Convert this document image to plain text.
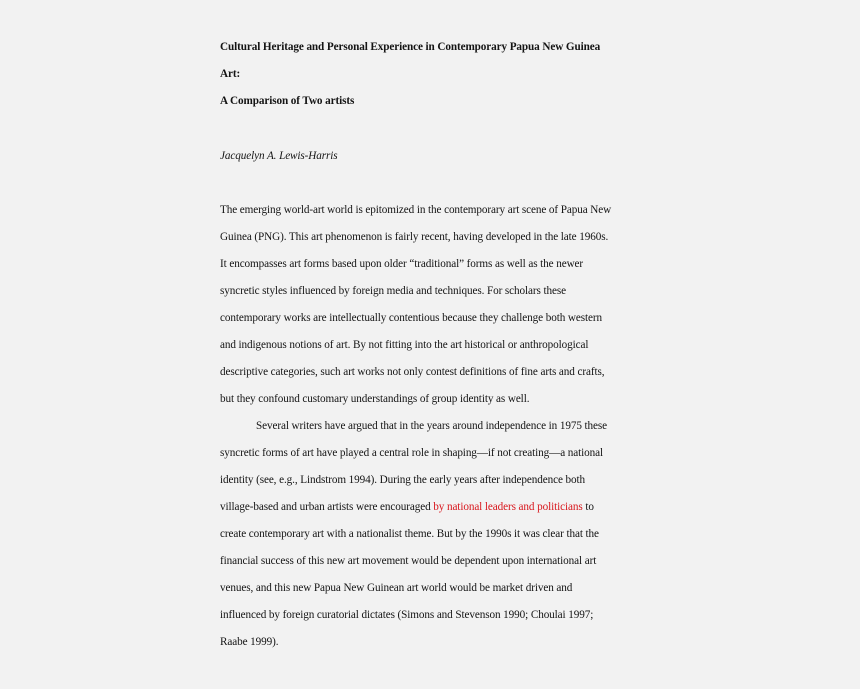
Cultural Heritage and Personal Experience in Contemporary Papua New Guinea
Art:
A Comparison of Two artists
Jacquelyn A. Lewis-Harris
The emerging world-art world is epitomized in the contemporary art scene of Papua New
Guinea (PNG). This art phenomenon is fairly recent, having developed in the late 1960s.
It encompasses art forms based upon older “traditional” forms as well as the newer
syncretic styles influenced by foreign media and techniques. For scholars these
contemporary works are intellectually contentious because they challenge both western
and indigenous notions of art. By not fitting into the art historical or anthropological
descriptive categories, such art works not only contest definitions of fine arts and crafts,
but they confound customary understandings of group identity as well.
Several writers have argued that in the years around independence in 1975 these
syncretic forms of art have played a central role in shaping—if not creating—a national
identity (see, e.g., Lindstrom 1994). During the early years after independence both
village-based and urban artists were encouraged by national leaders and politicians to
create contemporary art with a nationalist theme. But by the 1990s it was clear that the
financial success of this new art movement would be dependent upon international art
venues, and this new Papua New Guinean art world would be market driven and
influenced by foreign curatorial dictates (Simons and Stevenson 1990; Choulai 1997;
Raabe 1999).
